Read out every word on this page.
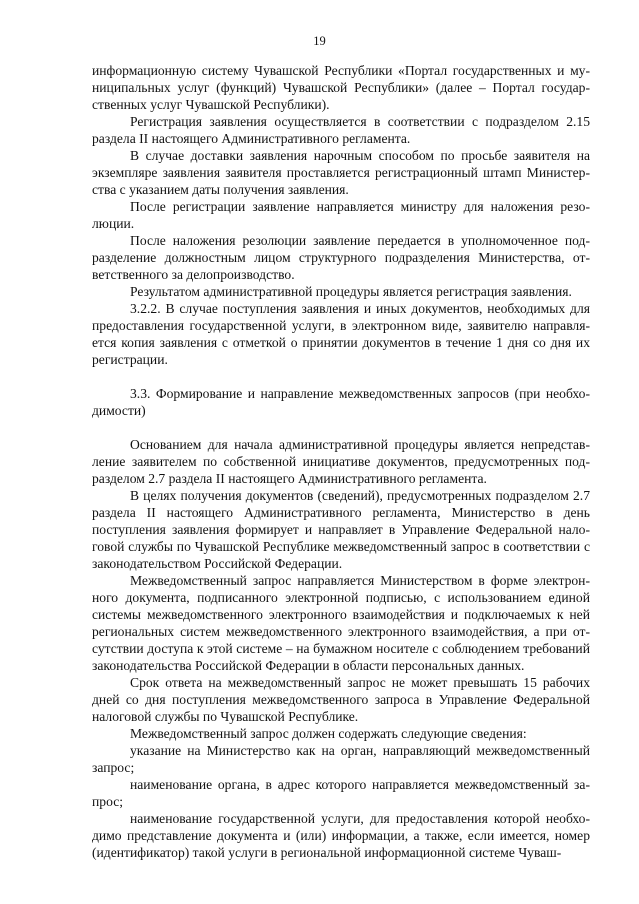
19

информационную систему Чувашской Республики «Портал государственных и муниципальных услуг (функций) Чувашской Республики» (далее – Портал государственных услуг Чувашской Республики).

Регистрация заявления осуществляется в соответствии с подразделом 2.15 раздела II настоящего Административного регламента.

В случае доставки заявления нарочным способом по просьбе заявителя на экземпляре заявления заявителя проставляется регистрационный штамп Министерства с указанием даты получения заявления.

После регистрации заявление направляется министру для наложения резолюции.

После наложения резолюции заявление передается в уполномоченное подразделение должностным лицом структурного подразделения Министерства, ответственного за делопроизводство.

Результатом административной процедуры является регистрация заявления.

3.2.2. В случае поступления заявления и иных документов, необходимых для предоставления государственной услуги, в электронном виде, заявителю направляется копия заявления с отметкой о принятии документов в течение 1 дня со дня их регистрации.

3.3. Формирование и направление межведомственных запросов (при необходимости)

Основанием для начала административной процедуры является непредставление заявителем по собственной инициативе документов, предусмотренных подразделом 2.7 раздела II настоящего Административного регламента.

В целях получения документов (сведений), предусмотренных подразделом 2.7 раздела II настоящего Административного регламента, Министерство в день поступления заявления формирует и направляет в Управление Федеральной налоговой службы по Чувашской Республике межведомственный запрос в соответствии с законодательством Российской Федерации.

Межведомственный запрос направляется Министерством в форме электронного документа, подписанного электронной подписью, с использованием единой системы межведомственного электронного взаимодействия и подключаемых к ней региональных систем межведомственного электронного взаимодействия, а при отсутствии доступа к этой системе – на бумажном носителе с соблюдением требований законодательства Российской Федерации в области персональных данных.

Срок ответа на межведомственный запрос не может превышать 15 рабочих дней со дня поступления межведомственного запроса в Управление Федеральной налоговой службы по Чувашской Республике.

Межведомственный запрос должен содержать следующие сведения:

указание на Министерство как на орган, направляющий межведомственный запрос;

наименование органа, в адрес которого направляется межведомственный запрос;

наименование государственной услуги, для предоставления которой необходимо представление документа и (или) информации, а также, если имеется, номер (идентификатор) такой услуги в региональной информационной системе Чуваш-
